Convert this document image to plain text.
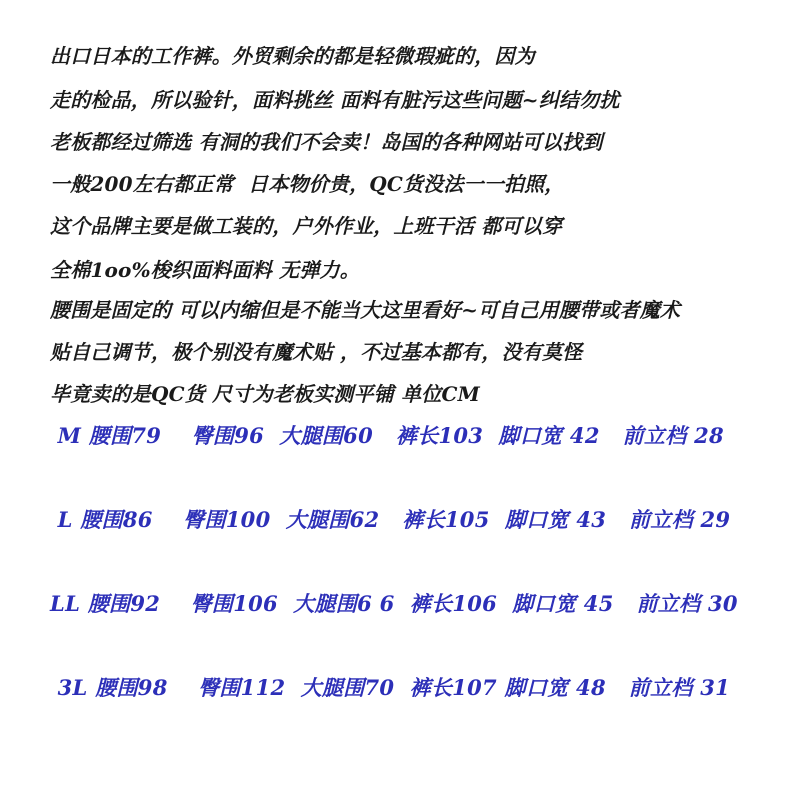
出口日本的工作裤。外贸剩余的都是轻微瑕疵的，因为
走的检品，所以验针，面料挑丝 面料有脏污这些问题~纠结勿扰
老板都经过筛选 有洞的我们不会卖！岛国的各种网站可以找到
一般200左右都正常  日本物价贵，QC货没法一一拍照，
这个品牌主要是做工装的，户外作业，上班干活 都可以穿
全棉1oo%梭织面料面料 无弹力。
腰围是固定的 可以内缩但是不能当大这里看好~可自己用腰带或者魔术
贴自己调节，极个别没有魔术贴 ，不过基本都有，没有莫怪
毕竟卖的是QC货 尺寸为老板实测平铺 单位CM
M 腰围79    臀围96  大腿围60   裤长103  脚口宽 42   前立档 28
L 腰围86    臀围100  大腿围62   裤长105  脚口宽 43   前立档 29
LL 腰围92    臀围106  大腿围6 6  裤长106  脚口宽 45   前立档 30
3L 腰围98    臀围112  大腿围70  裤长107 脚口宽 48   前立档 31
